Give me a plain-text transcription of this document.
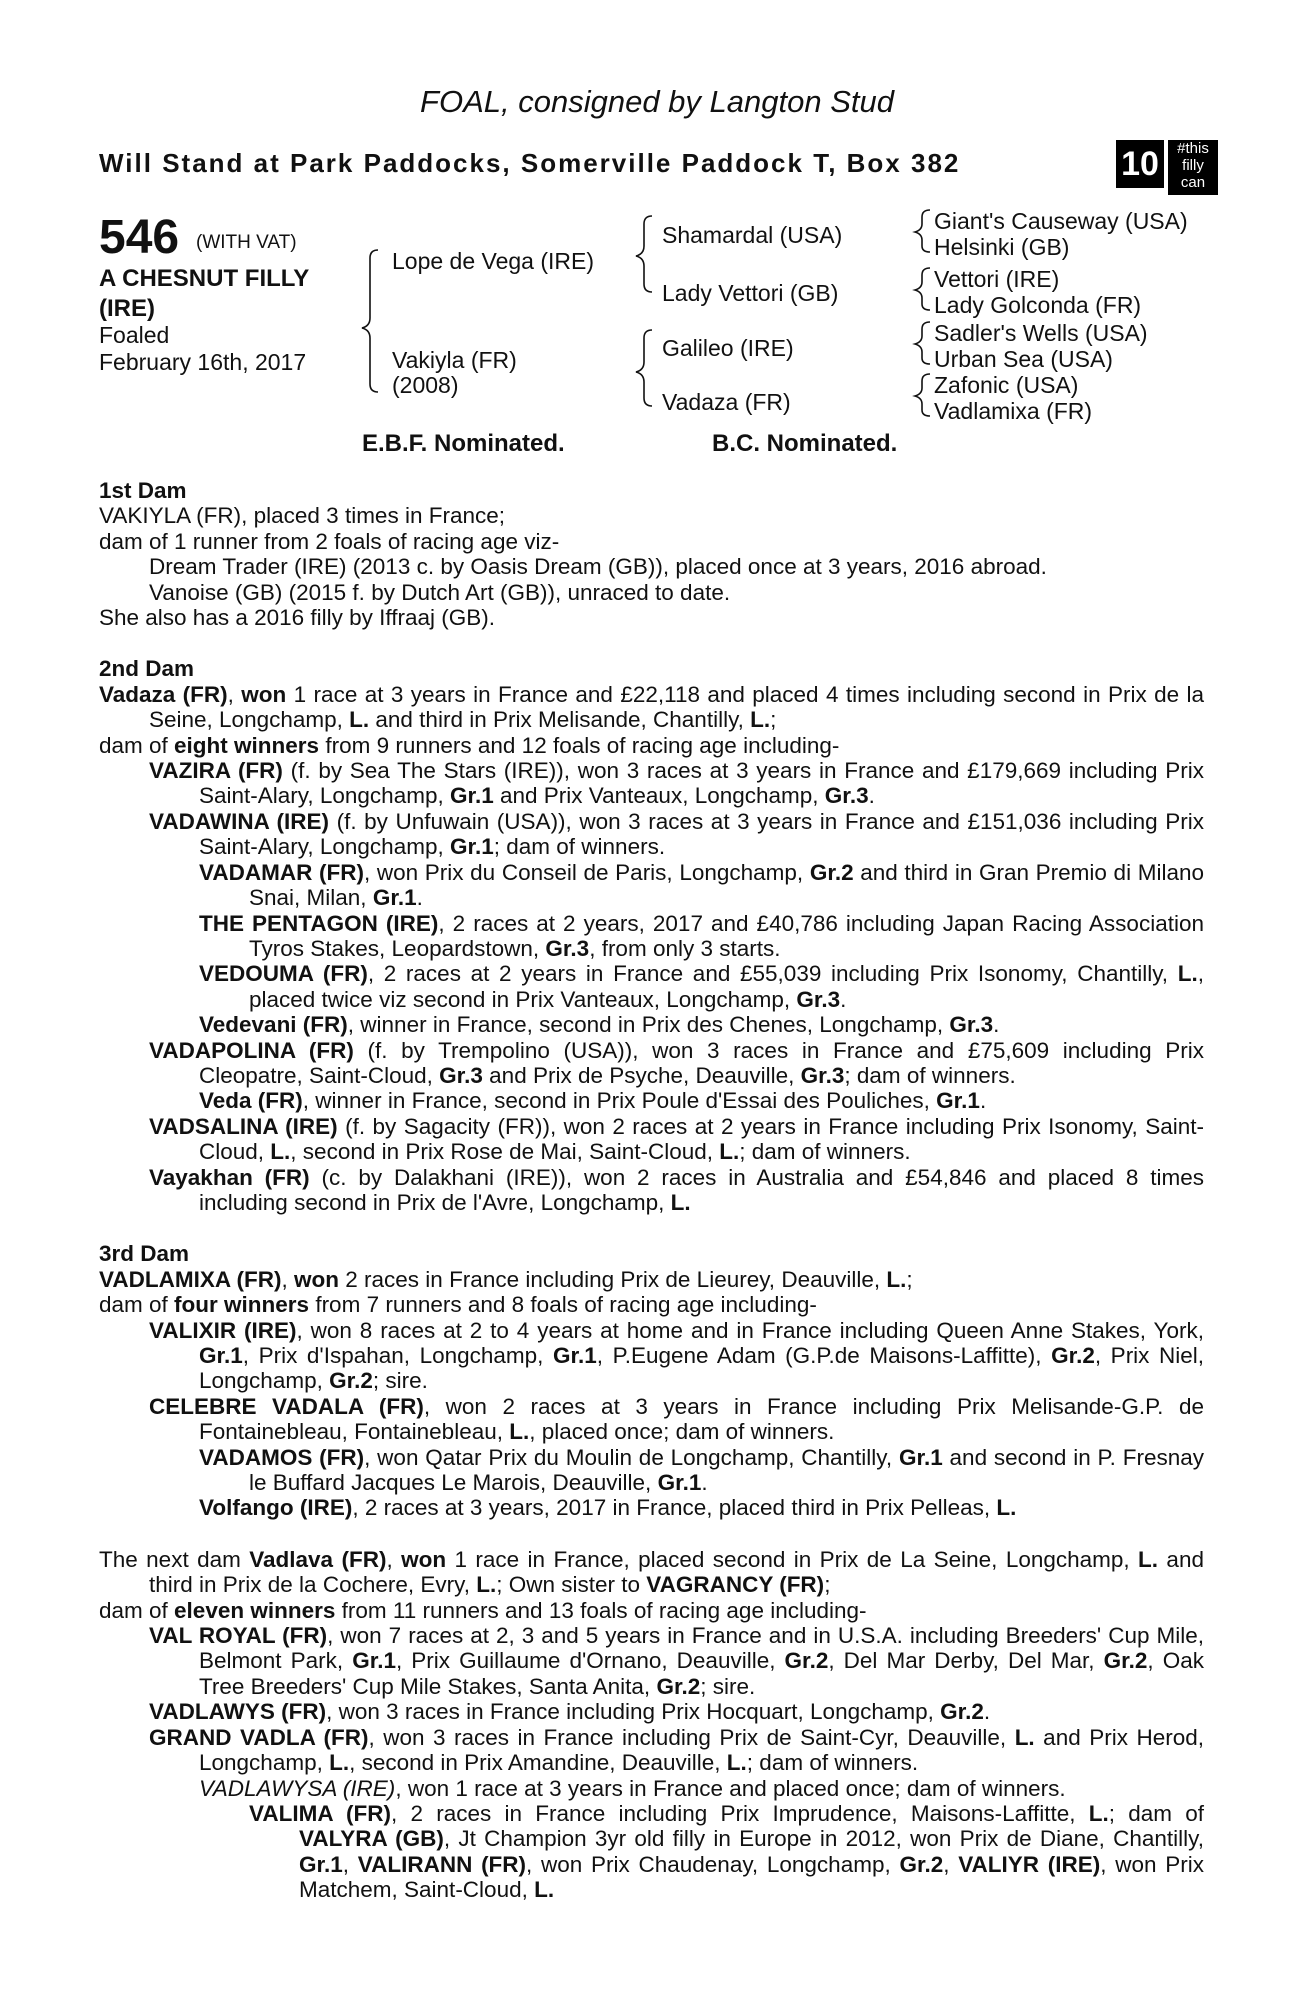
FOAL, consigned by Langton Stud
Will Stand at Park Paddocks, Somerville Paddock T, Box 382	10	#this filly can
546 (WITH VAT)
A CHESNUT FILLY
(IRE)
Foaled
February 16th, 2017
Lope de Vega (IRE)
Vakiyla (FR)
(2008)
Shamardal (USA)
Lady Vettori (GB)
Galileo (IRE)
Vadaza (FR)
Giant's Causeway (USA)
Helsinki (GB)
Vettori (IRE)
Lady Golconda (FR)
Sadler's Wells (USA)
Urban Sea (USA)
Zafonic (USA)
Vadlamixa (FR)
E.B.F. Nominated.	B.C. Nominated.

1st Dam

VAKIYLA (FR), placed 3 times in France;

dam of 1 runner from 2 foals of racing age viz-

Dream Trader (IRE) (2013 c. by Oasis Dream (GB)), placed once at 3 years, 2016 abroad.

Vanoise (GB) (2015 f. by Dutch Art (GB)), unraced to date.

She also has a 2016 filly by Iffraaj (GB).

2nd Dam

Vadaza (FR), won 1 race at 3 years in France and £22,118 and placed 4 times including second in Prix de la Seine, Longchamp, L. and third in Prix Melisande, Chantilly, L.;

dam of eight winners from 9 runners and 12 foals of racing age including-

VAZIRA (FR) (f. by Sea The Stars (IRE)), won 3 races at 3 years in France and £179,669 including Prix Saint-Alary, Longchamp, Gr.1 and Prix Vanteaux, Longchamp, Gr.3.

VADAWINA (IRE) (f. by Unfuwain (USA)), won 3 races at 3 years in France and £151,036 including Prix Saint-Alary, Longchamp, Gr.1; dam of winners.

VADAMAR (FR), won Prix du Conseil de Paris, Longchamp, Gr.2 and third in Gran Premio di Milano Snai, Milan, Gr.1.

THE PENTAGON (IRE), 2 races at 2 years, 2017 and £40,786 including Japan Racing Association Tyros Stakes, Leopardstown, Gr.3, from only 3 starts.

VEDOUMA (FR), 2 races at 2 years in France and £55,039 including Prix Isonomy, Chantilly, L., placed twice viz second in Prix Vanteaux, Longchamp, Gr.3.

Vedevani (FR), winner in France, second in Prix des Chenes, Longchamp, Gr.3.

VADAPOLINA (FR) (f. by Trempolino (USA)), won 3 races in France and £75,609 including Prix Cleopatre, Saint-Cloud, Gr.3 and Prix de Psyche, Deauville, Gr.3; dam of winners.

Veda (FR), winner in France, second in Prix Poule d'Essai des Pouliches, Gr.1.

VADSALINA (IRE) (f. by Sagacity (FR)), won 2 races at 2 years in France including Prix Isonomy, Saint-Cloud, L., second in Prix Rose de Mai, Saint-Cloud, L.; dam of winners.

Vayakhan (FR) (c. by Dalakhani (IRE)), won 2 races in Australia and £54,846 and placed 8 times including second in Prix de l'Avre, Longchamp, L.

3rd Dam

VADLAMIXA (FR), won 2 races in France including Prix de Lieurey, Deauville, L.;

dam of four winners from 7 runners and 8 foals of racing age including-

VALIXIR (IRE), won 8 races at 2 to 4 years at home and in France including Queen Anne Stakes, York, Gr.1, Prix d'Ispahan, Longchamp, Gr.1, P.Eugene Adam (G.P.de Maisons-Laffitte), Gr.2, Prix Niel, Longchamp, Gr.2; sire.

CELEBRE VADALA (FR), won 2 races at 3 years in France including Prix Melisande-G.P. de Fontainebleau, Fontainebleau, L., placed once; dam of winners.

VADAMOS (FR), won Qatar Prix du Moulin de Longchamp, Chantilly, Gr.1 and second in P. Fresnay le Buffard Jacques Le Marois, Deauville, Gr.1.

Volfango (IRE), 2 races at 3 years, 2017 in France, placed third in Prix Pelleas, L.

The next dam Vadlava (FR), won 1 race in France, placed second in Prix de La Seine, Longchamp, L. and third in Prix de la Cochere, Evry, L.; Own sister to VAGRANCY (FR);

dam of eleven winners from 11 runners and 13 foals of racing age including-

VAL ROYAL (FR), won 7 races at 2, 3 and 5 years in France and in U.S.A. including Breeders' Cup Mile, Belmont Park, Gr.1, Prix Guillaume d'Ornano, Deauville, Gr.2, Del Mar Derby, Del Mar, Gr.2, Oak Tree Breeders' Cup Mile Stakes, Santa Anita, Gr.2; sire.

VADLAWYS (FR), won 3 races in France including Prix Hocquart, Longchamp, Gr.2.

GRAND VADLA (FR), won 3 races in France including Prix de Saint-Cyr, Deauville, L. and Prix Herod, Longchamp, L., second in Prix Amandine, Deauville, L.; dam of winners.

VADLAWYSA (IRE), won 1 race at 3 years in France and placed once; dam of winners.

VALIMA (FR), 2 races in France including Prix Imprudence, Maisons-Laffitte, L.; dam of VALYRA (GB), Jt Champion 3yr old filly in Europe in 2012, won Prix de Diane, Chantilly, Gr.1, VALIRANN (FR), won Prix Chaudenay, Longchamp, Gr.2, VALIYR (IRE), won Prix Matchem, Saint-Cloud, L.
